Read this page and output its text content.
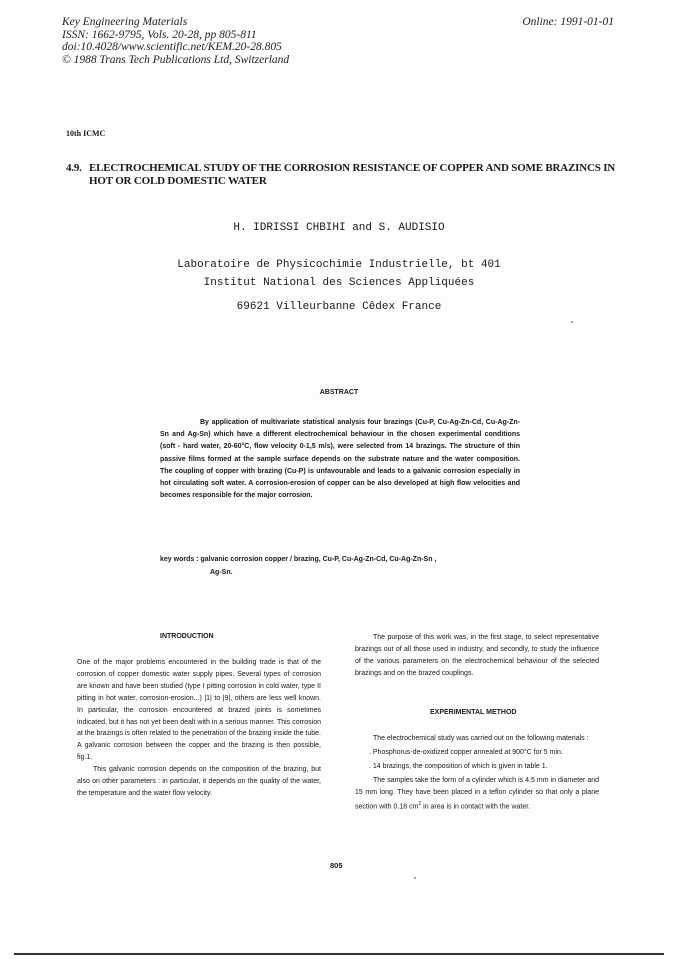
Key Engineering Materials
ISSN: 1662-9795, Vols. 20-28, pp 805-811
doi:10.4028/www.scientific.net/KEM.20-28.805
© 1988 Trans Tech Publications Ltd, Switzerland
Online: 1991-01-01
10th ICMC
4.9. ELECTROCHEMICAL STUDY OF THE CORROSION RESISTANCE OF COPPER AND SOME BRAZINCS IN
HOT OR COLD DOMESTIC WATER
H. IDRISSI CHBIHI and S. AUDISIO
Laboratoire de Physicochimie Industrielle, bt 401
Institut National des Sciences Appliquées
69621 Villeurbanne Cêdex France
ABSTRACT
By application of multivariate statistical analysis four brazings (Cu-P, Cu-Ag-Zn-Cd, Cu-Ag-Zn-Sn and Ag-Sn) which have a different electrochemical behaviour in the chosen experimental conditions (soft - hard water, 20-60°C, flow velocity 0-1,5 m/s), were selected from 14 brazings. The structure of thin passive films formed at the sample surface depends on the substrate nature and the water composition. The coupling of copper with brazing (Cu-P) is unfavourable and leads to a galvanic corrosion especially in hot circulating soft water. A corrosion-erosion of copper can be also developed at high flow velocities and becomes responsible for the major corrosion.
key words : galvanic corrosion copper / brazing, Cu-P, Cu-Ag-Zn-Cd, Cu-Ag-Zn-Sn ,
Ag-Sn.
INTRODUCTION

One of the major problems encountered in the building trade is that of the corrosion of copper domestic water supply pipes. Several types of corrosion are known and have been studied (type I pitting corrosion in cold water, type II pitting in hot water, corrosion-erosion...) |1| to |9|, others are less well known. In particular, the corrosion encountered at brazed joints is sometimes indicated, but it has not yet been dealt with in a serious manner. This corrosion at the brazings is often related to the penetration of the brazing inside the tube. A galvanic corrosion between the copper and the brazing is then possible, fig.1.

This galvanic corrosion depends on the composition of the brazing, but also on other parameters : in particular, it depends on the quality of the water, the temperature and the water flow velocity.

The purpose of this work was, in the first stage, to select representative brazings out of all those used in industry, and secondly, to study the influence of the various parameters on the electrochemical behaviour of the selected brazings and on the brazed couplings.
EXPERIMENTAL METHOD

The electrochemical study was carried out on the following materials :

. Phosphorus-de-oxidized copper annealed at 900°C for 5 min.

. 14 brazings, the composition of which is given in table 1.

The samples take the form of a cylinder which is 4.5 mm in diameter and 15 mm long. They have been placed in a teflon cylinder so that only a plane section with 0.18 $cm^2$ in area is in contact with the water.

805
